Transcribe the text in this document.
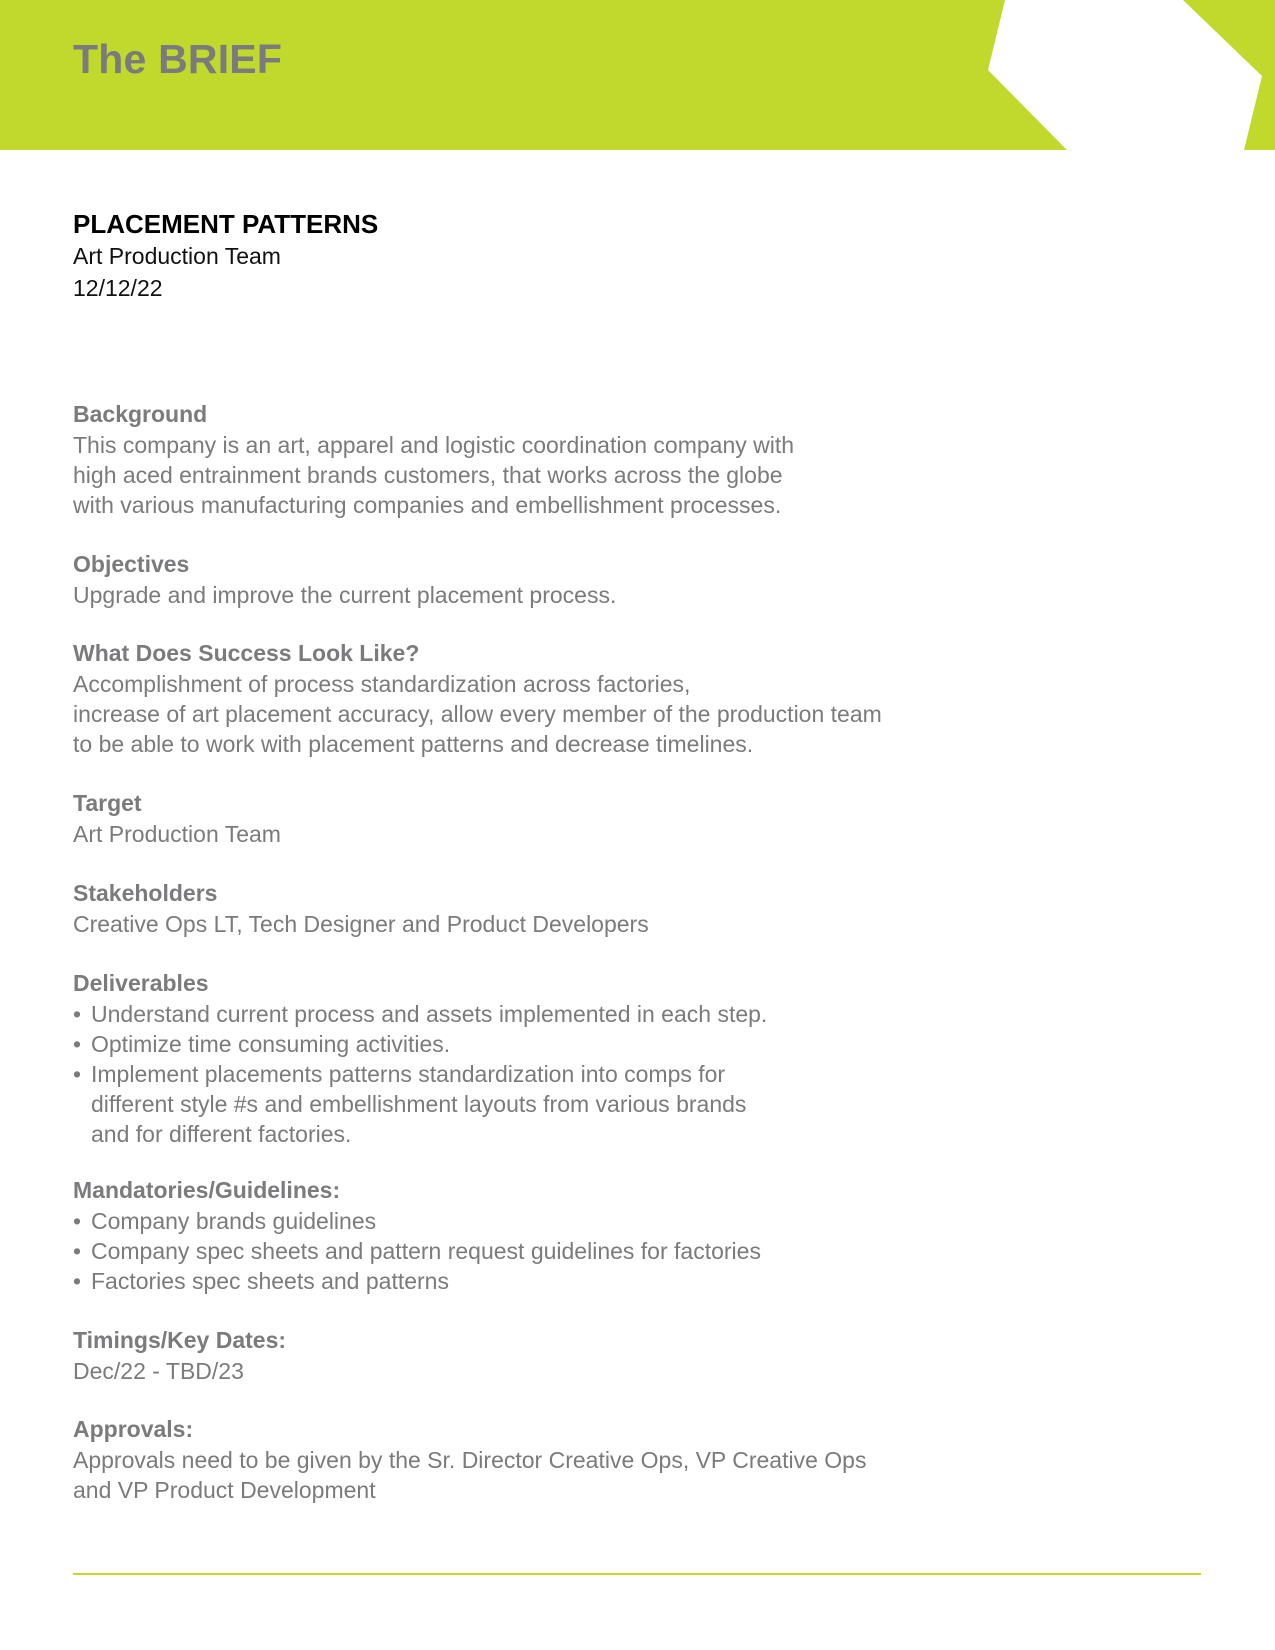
The BRIEF
PLACEMENT PATTERNS

Art Production Team

12/12/22

Background

This company is an art, apparel and logistic coordination company with
high aced entrainment brands customers, that works across the globe
with various manufacturing companies and embellishment processes.

Objectives

Upgrade and improve the current placement process.

What Does Success Look Like?

Accomplishment of process standardization across factories,
increase of art placement accuracy, allow every member of the production team
to be able to work with placement patterns and decrease timelines.

Target

Art Production Team

Stakeholders

Creative Ops LT, Tech Designer and Product Developers

Deliverables
• Understand current process and assets implemented in each step.
• Optimize time consuming activities.
• Implement placements patterns standardization into comps for
different style #s and embellishment layouts from various brands
and for different factories.
Mandatories/Guidelines:
• Company brands guidelines
• Company spec sheets and pattern request guidelines for factories
• Factories spec sheets and patterns
Timings/Key Dates:

Dec/22 - TBD/23

Approvals:

Approvals need to be given by the Sr. Director Creative Ops, VP Creative Ops
and VP Product Development
